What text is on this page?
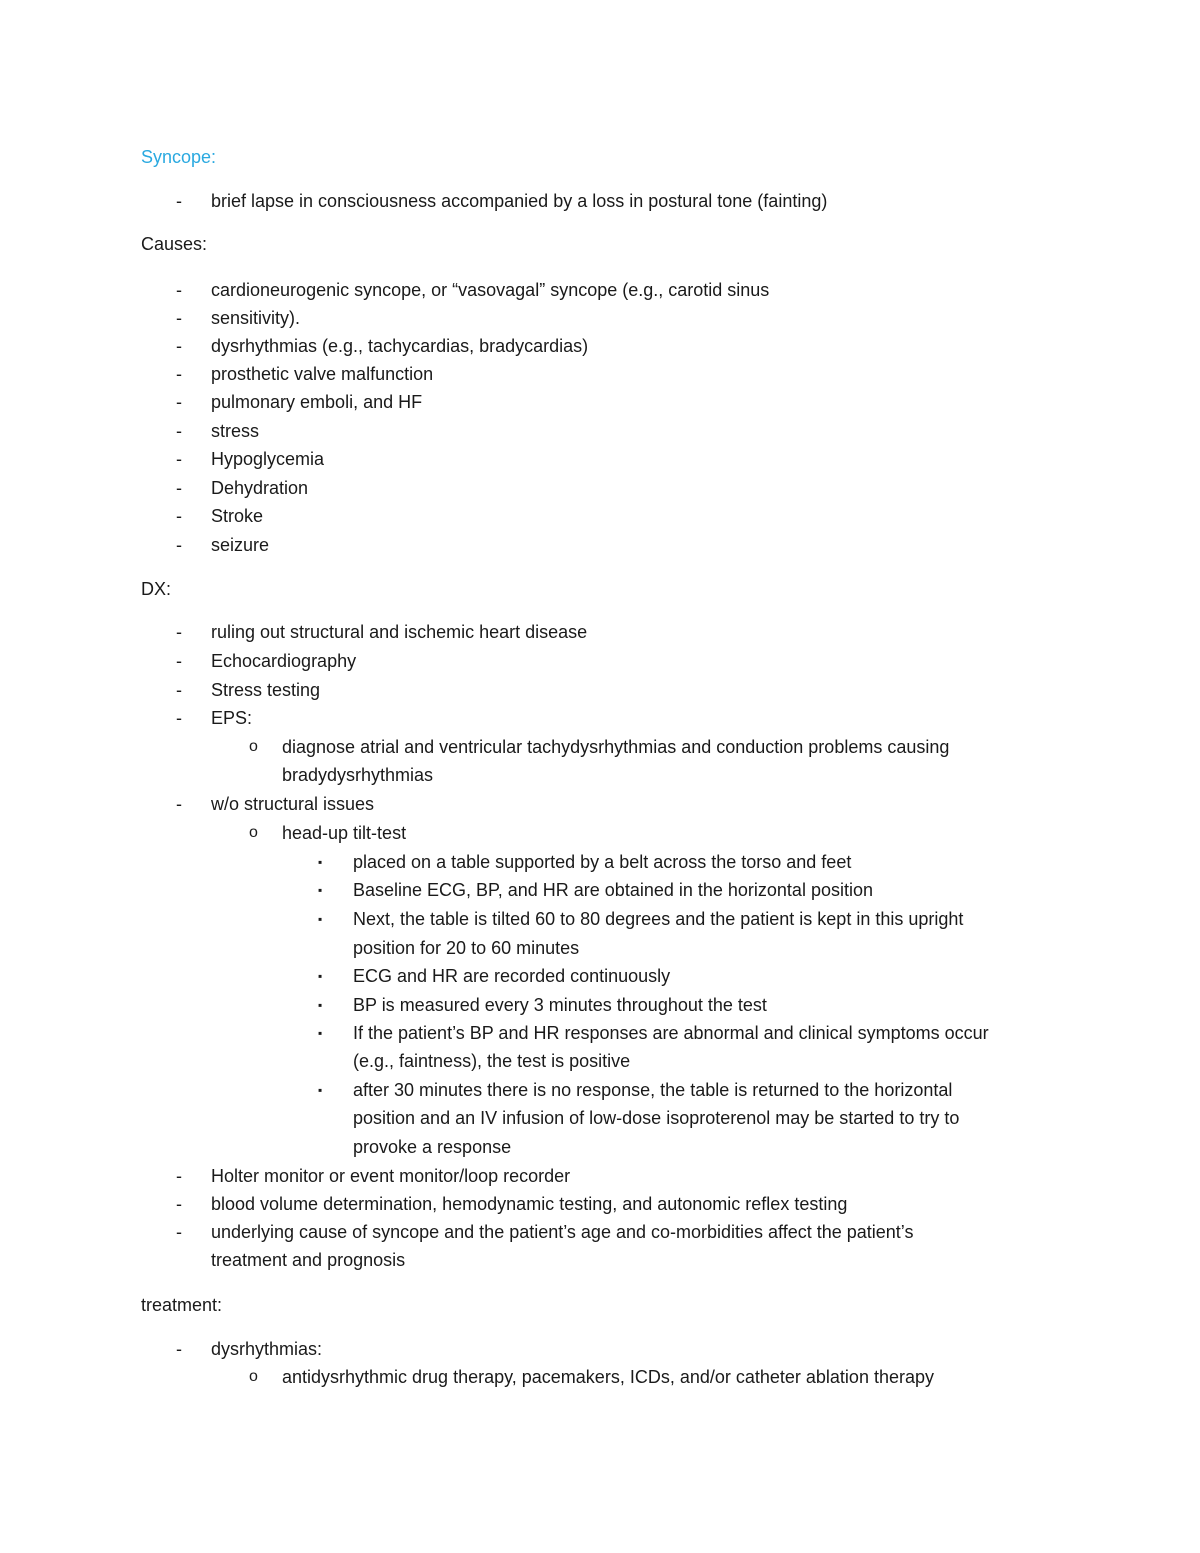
Syncope:
- brief lapse in consciousness accompanied by a loss in postural tone (fainting)
Causes:
- cardioneurogenic syncope, or “vasovagal” syncope (e.g., carotid sinus
- sensitivity).
- dysrhythmias (e.g., tachycardias, bradycardias)
- prosthetic valve malfunction
- pulmonary emboli, and HF
- stress
- Hypoglycemia
- Dehydration
- Stroke
- seizure
DX:
- ruling out structural and ischemic heart disease
- Echocardiography
- Stress testing
- EPS:
o diagnose atrial and ventricular tachydysrhythmias and conduction problems causing
bradydysrhythmias
- w/o structural issues
o head-up tilt-test
▪ placed on a table supported by a belt across the torso and feet
▪ Baseline ECG, BP, and HR are obtained in the horizontal position
▪ Next, the table is tilted 60 to 80 degrees and the patient is kept in this upright
position for 20 to 60 minutes
▪ ECG and HR are recorded continuously
▪ BP is measured every 3 minutes throughout the test
▪ If the patient’s BP and HR responses are abnormal and clinical symptoms occur
(e.g., faintness), the test is positive
▪ after 30 minutes there is no response, the table is returned to the horizontal
position and an IV infusion of low-dose isoproterenol may be started to try to
provoke a response
- Holter monitor or event monitor/loop recorder
- blood volume determination, hemodynamic testing, and autonomic reflex testing
- underlying cause of syncope and the patient’s age and co-morbidities affect the patient’s
treatment and prognosis
treatment:
- dysrhythmias:
o antidysrhythmic drug therapy, pacemakers, ICDs, and/or catheter ablation therapy
